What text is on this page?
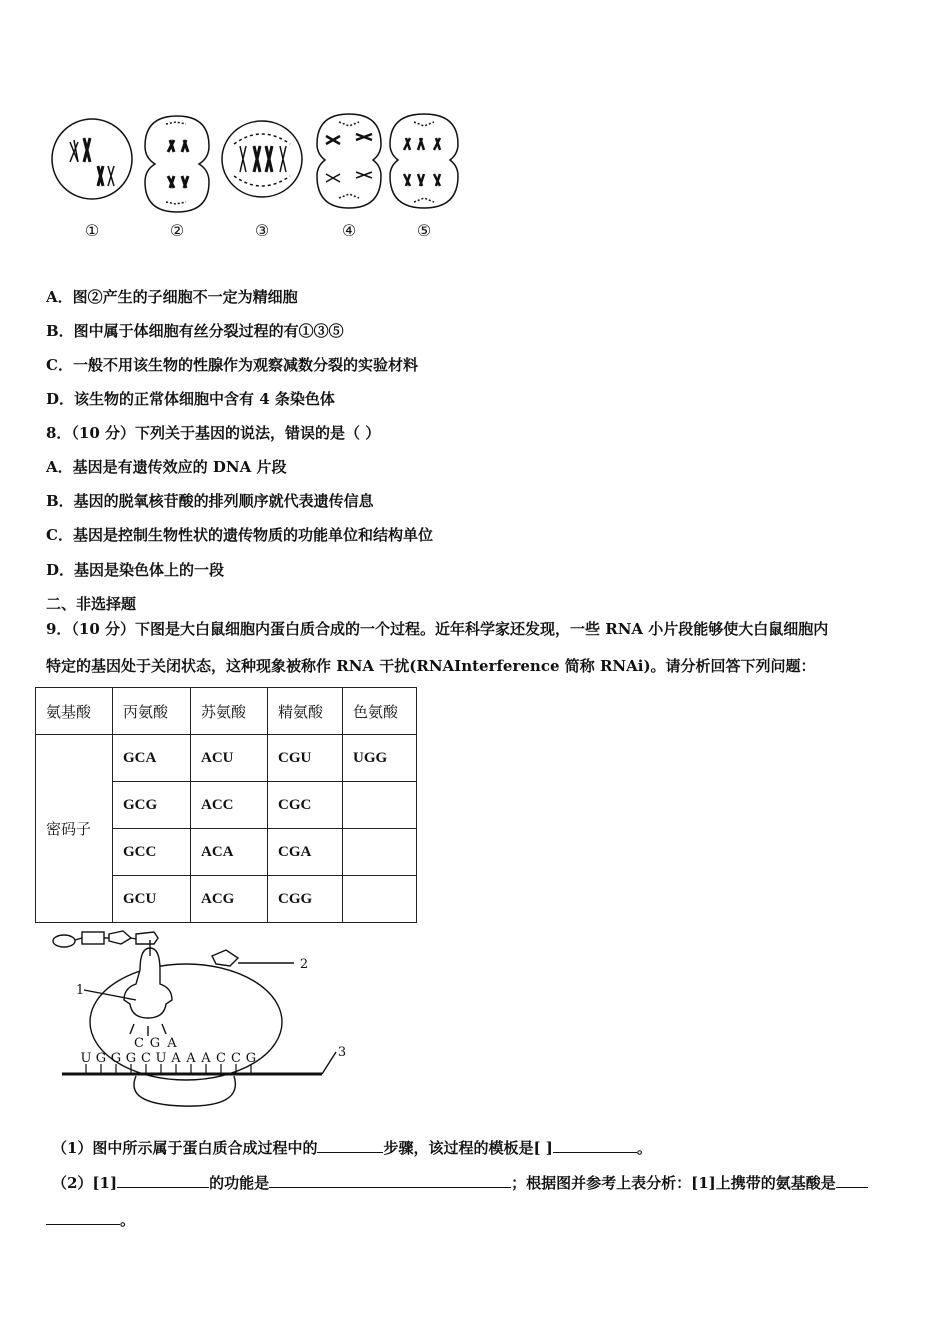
①	②	③	④	⑤
A．图②产生的子细胞不一定为精细胞
B．图中属于体细胞有丝分裂过程的有①③⑤
C．一般不用该生物的性腺作为观察减数分裂的实验材料
D．该生物的正常体细胞中含有 4 条染色体
8．（10 分）下列关于基因的说法，错误的是（ ）
A．基因是有遗传效应的 DNA 片段
B．基因的脱氧核苷酸的排列顺序就代表遗传信息
C．基因是控制生物性状的遗传物质的功能单位和结构单位
D．基因是染色体上的一段
二、非选择题
9．（10 分）下图是大白鼠细胞内蛋白质合成的一个过程。近年科学家还发现，一些 RNA 小片段能够使大白鼠细胞内
特定的基因处于关闭状态，这种现象被称作 RNA 干扰(RNAInterference 简称 RNAi)。请分析回答下列问题：
氨基酸	丙氨酸	苏氨酸	精氨酸	色氨酸
密码子	GCA	ACU	CGU	UGG
	GCG	ACC	CGC	
	GCC	ACA	CGA	
	GCU	ACG	CGG	
U G G G C U A A A C C G
C G A
1
2
3
（1）图中所示属于蛋白质合成过程中的	步骤，该过程的模板是[ ]	。
（2）[1]	的功能是	；根据图并参考上表分析：[1]上携带的氨基酸是
。
